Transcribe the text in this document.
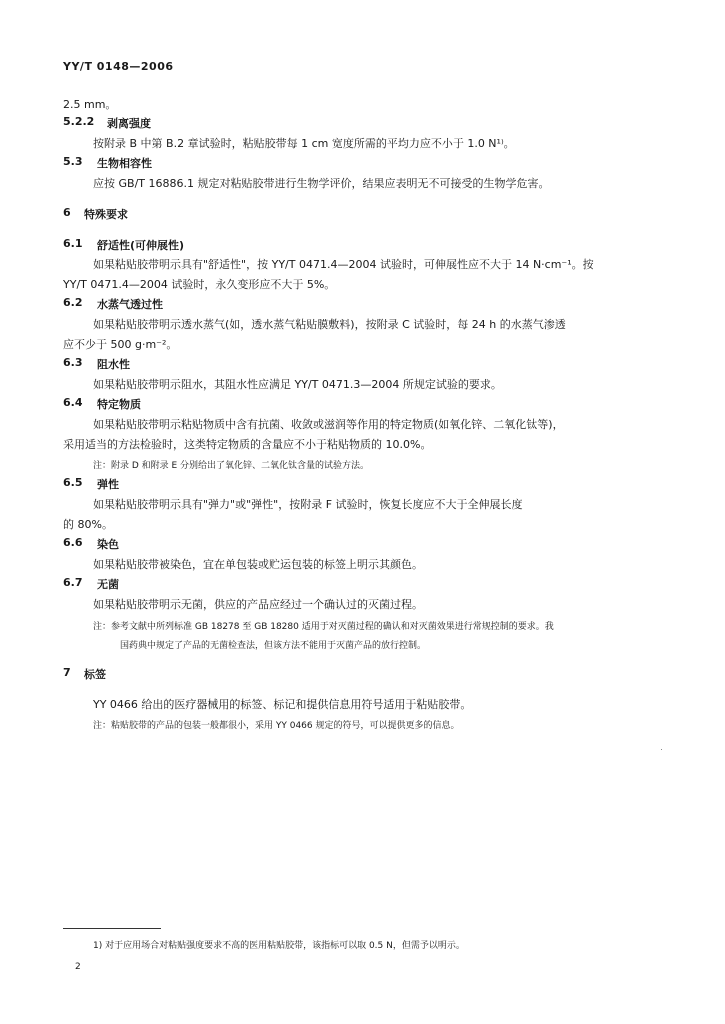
YY/T 0148—2006
2.5 mm。
5.2.2 剥离强度
按附录 B 中第 B.2 章试验时，粘贴胶带每 1 cm 宽度所需的平均力应不小于 1.0 N¹⁾。
5.3 生物相容性
应按 GB/T 16886.1 规定对粘贴胶带进行生物学评价，结果应表明无不可接受的生物学危害。
6 特殊要求
6.1 舒适性(可伸展性)
如果粘贴胶带明示具有"舒适性"，按 YY/T 0471.4—2004 试验时，可伸展性应不大于 14 N·cm⁻¹。按
YY/T 0471.4—2004 试验时，永久变形应不大于 5%。
6.2 水蒸气透过性
如果粘贴胶带明示透水蒸气(如，透水蒸气粘贴膜敷料)，按附录 C 试验时，每 24 h 的水蒸气渗透
应不少于 500 g·m⁻²。
6.3 阻水性
如果粘贴胶带明示阻水，其阻水性应满足 YY/T 0471.3—2004 所规定试验的要求。
6.4 特定物质
如果粘贴胶带明示粘贴物质中含有抗菌、收敛或滋润等作用的特定物质(如氧化锌、二氧化钛等)，
采用适当的方法检验时，这类特定物质的含量应不小于粘贴物质的 10.0%。
注：附录 D 和附录 E 分别给出了氧化锌、二氧化钛含量的试验方法。
6.5 弹性
如果粘贴胶带明示具有"弹力"或"弹性"，按附录 F 试验时，恢复长度应不大于全伸展长度
的 80%。
6.6 染色
如果粘贴胶带被染色，宜在单包装或贮运包装的标签上明示其颜色。
6.7 无菌
如果粘贴胶带明示无菌，供应的产品应经过一个确认过的灭菌过程。
注：参考文献中所列标准 GB 18278 至 GB 18280 适用于对灭菌过程的确认和对灭菌效果进行常规控制的要求。我
国药典中规定了产品的无菌检查法，但该方法不能用于灭菌产品的放行控制。
7 标签
YY 0466 给出的医疗器械用的标签、标记和提供信息用符号适用于粘贴胶带。
注：粘贴胶带的产品的包装一般都很小，采用 YY 0466 规定的符号，可以提供更多的信息。
1) 对于应用场合对粘贴强度要求不高的医用粘贴胶带，该指标可以取 0.5 N，但需予以明示。
2
